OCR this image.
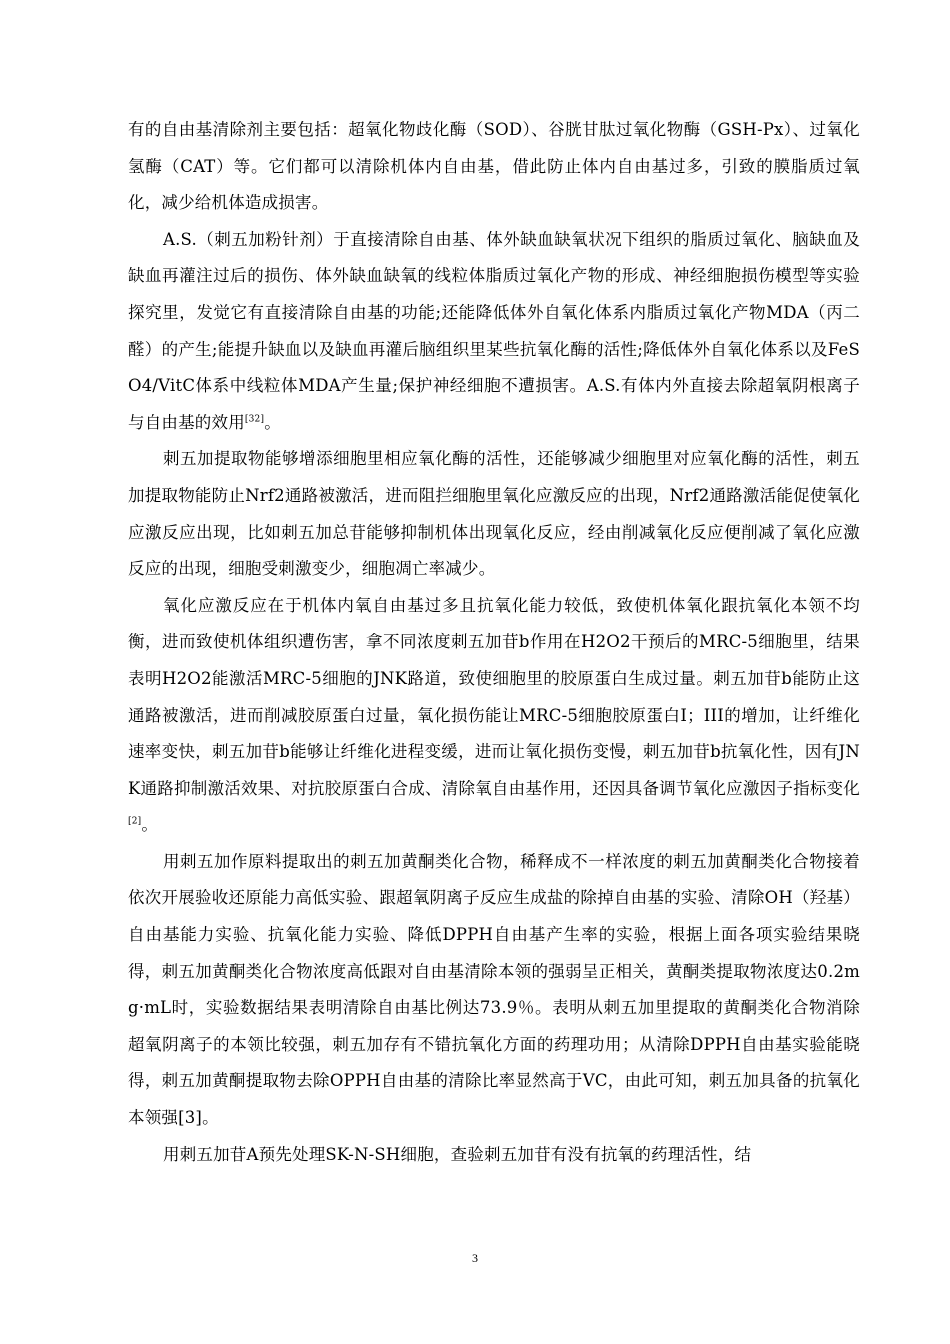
有的自由基清除剂主要包括：超氧化物歧化酶（SOD）、谷胱甘肽过氧化物酶（GSH-Px）、过氧化氢酶（CAT）等。它们都可以清除机体内自由基，借此防止体内自由基过多，引致的膜脂质过氧化，减少给机体造成损害。

A.S.（刺五加粉针剂）于直接清除自由基、体外缺血缺氧状况下组织的脂质过氧化、脑缺血及缺血再灌注过后的损伤、体外缺血缺氧的线粒体脂质过氧化产物的形成、神经细胞损伤模型等实验探究里，发觉它有直接清除自由基的功能;还能降低体外自氧化体系内脂质过氧化产物MDA（丙二醛）的产生;能提升缺血以及缺血再灌后脑组织里某些抗氧化酶的活性;降低体外自氧化体系以及FeSO4/VitC体系中线粒体MDA产生量;保护神经细胞不遭损害。A.S.有体内外直接去除超氧阴根离子与自由基的效用[32]。

刺五加提取物能够增添细胞里相应氧化酶的活性，还能够减少细胞里对应氧化酶的活性，刺五加提取物能防止Nrf2通路被激活，进而阻拦细胞里氧化应激反应的出现，Nrf2通路激活能促使氧化应激反应出现，比如刺五加总苷能够抑制机体出现氧化反应，经由削减氧化反应便削减了氧化应激反应的出现，细胞受刺激变少，细胞凋亡率减少。

氧化应激反应在于机体内氧自由基过多且抗氧化能力较低，致使机体氧化跟抗氧化本领不均衡，进而致使机体组织遭伤害，拿不同浓度刺五加苷b作用在H2O2干预后的MRC-5细胞里，结果表明H2O2能激活MRC-5细胞的JNK路道，致使细胞里的胶原蛋白生成过量。刺五加苷b能防止这通路被激活，进而削减胶原蛋白过量，氧化损伤能让MRC-5细胞胶原蛋白I；III的增加，让纤维化速率变快，刺五加苷b能够让纤维化进程变缓，进而让氧化损伤变慢，刺五加苷b抗氧化性，因有JNK通路抑制激活效果、对抗胶原蛋白合成、清除氧自由基作用，还因具备调节氧化应激因子指标变化[2]。

用刺五加作原料提取出的刺五加黄酮类化合物，稀释成不一样浓度的刺五加黄酮类化合物接着依次开展验收还原能力高低实验、跟超氧阴离子反应生成盐的除掉自由基的实验、清除OH（羟基）自由基能力实验、抗氧化能力实验、降低DPPH自由基产生率的实验，根据上面各项实验结果晓得，刺五加黄酮类化合物浓度高低跟对自由基清除本领的强弱呈正相关，黄酮类提取物浓度达0.2mg·mL时，实验数据结果表明清除自由基比例达73.9％。表明从刺五加里提取的黄酮类化合物消除超氧阴离子的本领比较强，刺五加存有不错抗氧化方面的药理功用；从清除DPPH自由基实验能晓得，刺五加黄酮提取物去除OPPH自由基的清除比率显然高于VC，由此可知，刺五加具备的抗氧化本领强[3]。

用刺五加苷A预先处理SK-N-SH细胞，查验刺五加苷有没有抗氧的药理活性，结

3
